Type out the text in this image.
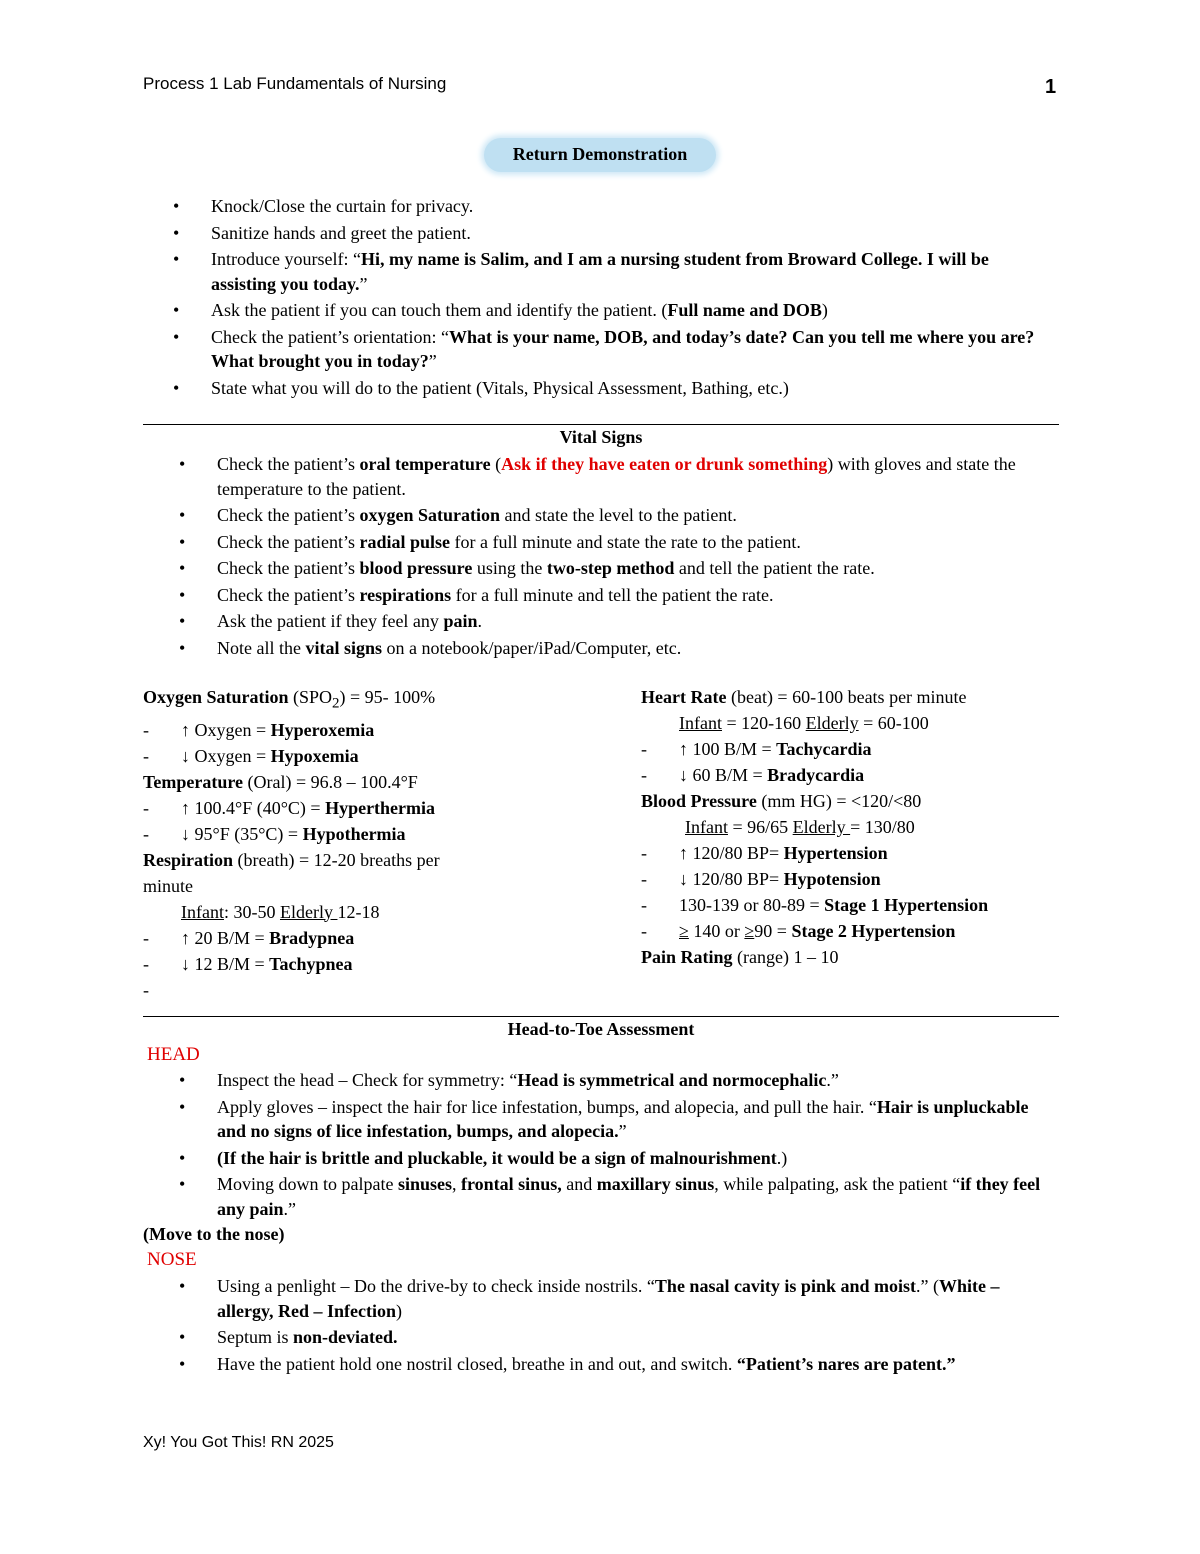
Process 1 Lab Fundamentals of Nursing	1
Return Demonstration
• Knock/Close the curtain for privacy.
• Sanitize hands and greet the patient.
• Introduce yourself: “Hi, my name is Salim, and I am a nursing student from Broward College. I will be assisting you today.”
• Ask the patient if you can touch them and identify the patient. (Full name and DOB)
• Check the patient’s orientation: “What is your name, DOB, and today’s date? Can you tell me where you are? What brought you in today?”
• State what you will do to the patient (Vitals, Physical Assessment, Bathing, etc.)
Vital Signs
• Check the patient’s oral temperature (Ask if they have eaten or drunk something) with gloves and state the temperature to the patient.
• Check the patient’s oxygen Saturation and state the level to the patient.
• Check the patient’s radial pulse for a full minute and state the rate to the patient.
• Check the patient’s blood pressure using the two-step method and tell the patient the rate.
• Check the patient’s respirations for a full minute and tell the patient the rate.
• Ask the patient if they feel any pain.
• Note all the vital signs on a notebook/paper/iPad/Computer, etc.
Oxygen Saturation $(SPO_2) = 95-$ 100%
- ↑ Oxygen = Hyperoxemia
- ↓ Oxygen = Hypoxemia
Temperature (Oral) = 96.8 – 100.4°F
- ↑ 100.4°F (40°C) = Hyperthermia
- ↓ 95°F (35°C) = Hypothermia
Respiration (breath) = 12-20 breaths per
minute
Infant: 30-50 Elderly 12-18
- ↑ 20 B/M = Bradypnea
- ↓ 12 B/M = Tachypnea
-
Heart Rate (beat) = 60-100 beats per minute
Infant = 120-160 Elderly = 60-100
- ↑ 100 B/M = Tachycardia
- ↓ 60 B/M = Bradycardia
Blood Pressure (mm HG) = <120/<80
Infant = 96/65 Elderly = 130/80
- ↑ 120/80 BP= Hypertension
- ↓ 120/80 BP= Hypotension
- 130-139 or 80-89 = Stage 1 Hypertension
- ≥ 140 or ≥90 = Stage 2 Hypertension
Pain Rating (range) 1 – 10
Head-to-Toe Assessment
HEAD
• Inspect the head – Check for symmetry: “Head is symmetrical and normocephalic.”
• Apply gloves – inspect the hair for lice infestation, bumps, and alopecia, and pull the hair. “Hair is unpluckable and no signs of lice infestation, bumps, and alopecia.”
• (If the hair is brittle and pluckable, it would be a sign of malnourishment.)
• Moving down to palpate sinuses, frontal sinus, and maxillary sinus, while palpating, ask the patient “if they feel any pain.”
(Move to the nose)
NOSE
• Using a penlight – Do the drive-by to check inside nostrils. “The nasal cavity is pink and moist.” (White – allergy, Red – Infection)
• Septum is non-deviated.
• Have the patient hold one nostril closed, breathe in and out, and switch. “Patient’s nares are patent.”
Xy! You Got This! RN 2025
